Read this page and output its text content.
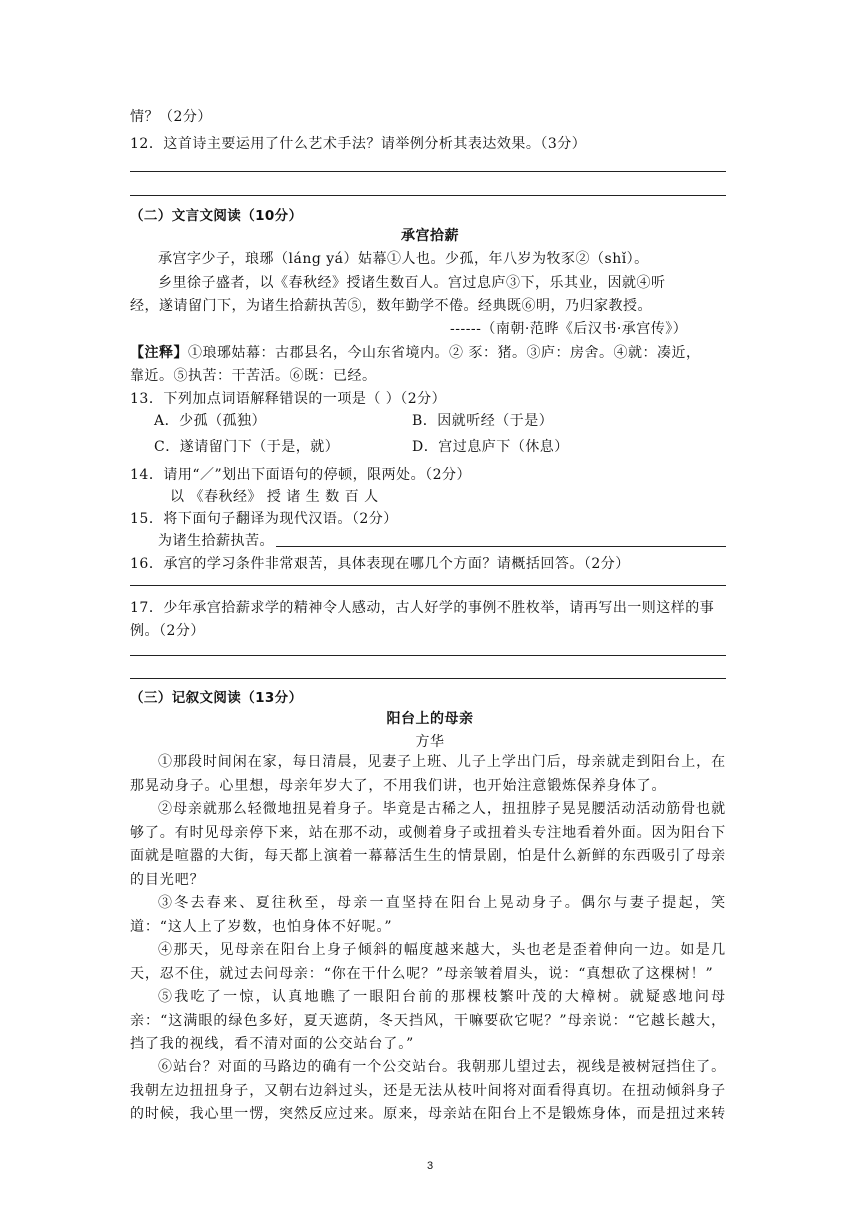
情？（2分）
12．这首诗主要运用了什么艺术手法？请举例分析其表达效果。（3分）
（二）文言文阅读（10分）
承宫拾薪
承宫字少子，琅琊（láng yá）姑幕①人也。少孤，年八岁为牧豕②（shǐ）。
乡里徐子盛者，以《春秋经》授诸生数百人。宫过息庐③下，乐其业，因就④听
经，遂请留门下，为诸生拾薪执苦⑤，数年勤学不倦。经典既⑥明，乃归家教授。
------（南朝·范晔《后汉书·承宫传》）
【注释】①琅琊姑幕：古郡县名，今山东省境内。② 豕：猪。③庐：房舍。④就：凑近，
靠近。⑤执苦：干苦活。⑥既：已经。
13．下列加点词语解释错误的一项是（ ）（2分）
A．少孤（孤独）	B．因就听经（于是）
C．遂请留门下（于是，就）	D．宫过息庐下（休息）
14．请用“／”划出下面语句的停顿，限两处。（2分）
以 《春秋经》 授 诸 生 数 百 人
15．将下面句子翻译为现代汉语。（2分）
为诸生拾薪执苦。
16．承宫的学习条件非常艰苦，具体表现在哪几个方面？请概括回答。（2分）
17．少年承宫拾薪求学的精神令人感动，古人好学的事例不胜枚举，请再写出一则这样的事
例。（2分）
（三）记叙文阅读（13分）
阳台上的母亲
方华
①那段时间闲在家，每日清晨，见妻子上班、儿子上学出门后，母亲就走到阳台上，在那晃动身子。心里想，母亲年岁大了，不用我们讲，也开始注意锻炼保养身体了。
②母亲就那么轻微地扭晃着身子。毕竟是古稀之人，扭扭脖子晃晃腰活动活动筋骨也就够了。有时见母亲停下来，站在那不动，或侧着身子或扭着头专注地看着外面。因为阳台下面就是喧嚣的大街，每天都上演着一幕幕活生生的情景剧，怕是什么新鲜的东西吸引了母亲的目光吧？
③冬去春来、夏往秋至，母亲一直坚持在阳台上晃动身子。偶尔与妻子提起，笑道：“这人上了岁数，也怕身体不好呢。”
④那天，见母亲在阳台上身子倾斜的幅度越来越大，头也老是歪着伸向一边。如是几天，忍不住，就过去问母亲：“你在干什么呢？”母亲皱着眉头，说：“真想砍了这棵树！”
⑤我吃了一惊，认真地瞧了一眼阳台前的那棵枝繁叶茂的大樟树。就疑惑地问母亲：“这满眼的绿色多好，夏天遮荫，冬天挡风，干嘛要砍它呢？”母亲说：“它越长越大，挡了我的视线，看不清对面的公交站台了。”
⑥站台？对面的马路边的确有一个公交站台。我朝那儿望过去，视线是被树冠挡住了。我朝左边扭扭身子，又朝右边斜过头，还是无法从枝叶间将对面看得真切。在扭动倾斜身子的时候，我心里一愣，突然反应过来。原来，母亲站在阳台上不是锻炼身体，而是扭过来转
3
